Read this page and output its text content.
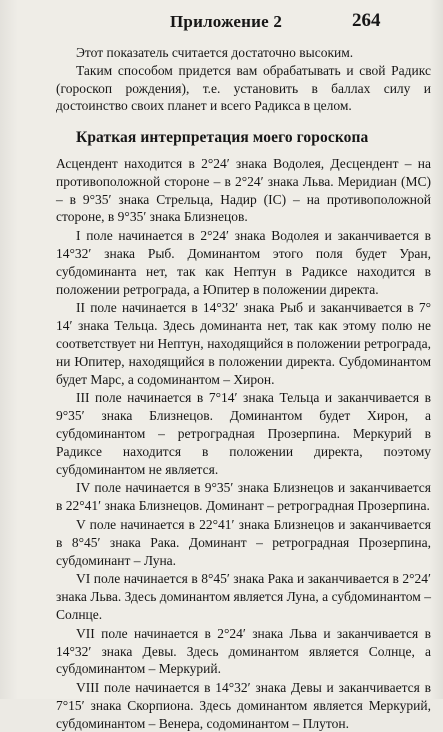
Приложение 2	264

Этот показатель считается достаточно высоким.

Таким способом придется вам обрабатывать и свой Радикс (гороскоп рождения), т.е. установить в баллах силу и достоинство своих планет и всего Радикса в целом.

Краткая интерпретация моего гороскопа

Асцендент находится в 2°24′ знака Водолея, Десцендент – на противоположной стороне – в 2°24′ знака Льва. Меридиан (МС) – в 9°35′ знака Стрельца, Надир (IС) – на противоположной стороне, в 9°35′ знака Близнецов.

I поле начинается в 2°24′ знака Водолея и заканчивается в 14°32′ знака Рыб. Доминантом этого поля будет Уран, субдоминанта нет, так как Нептун в Радиксе находится в положении ретроградa, а Юпитер в положении директа.

II поле начинается в 14°32′ знака Рыб и заканчивается в 7° 14′ знака Тельца. Здесь доминанта нет, так как этому полю не соответствует ни Нептун, находящийся в положении ретрограда, ни Юпитер, находящийся в положении директа. Субдоминантом будет Марс, а содоминантом – Хирон.

III поле начинается в 7°14′ знака Тельца и заканчивается в 9°35′ знака Близнецов. Доминантом будет Хирон, а субдоминантом – ретроградная Прозерпина. Меркурий в Радиксе находится в положении директа, поэтому субдоминантом не является.

IV поле начинается в 9°35′ знака Близнецов и заканчивается в 22°41′ знака Близнецов. Доминант – ретроградная Прозерпина.

V поле начинается в 22°41′ знака Близнецов и заканчивается в 8°45′ знака Рака. Доминант – ретроградная Прозерпина, субдоминант – Луна.

VI поле начинается в 8°45′ знака Рака и заканчивается в 2°24′ знака Льва. Здесь доминантом является Луна, а субдоминантом – Солнце.

VII поле начинается в 2°24′ знака Льва и заканчивается в 14°32′ знака Девы. Здесь доминантом является Солнце, а субдоминантом – Меркурий.

VIII поле начинается в 14°32′ знака Девы и заканчивается в 7°15′ знака Скорпиона. Здесь доминантом является Меркурий, субдоминантом – Венера, содоминантом – Плутон.
